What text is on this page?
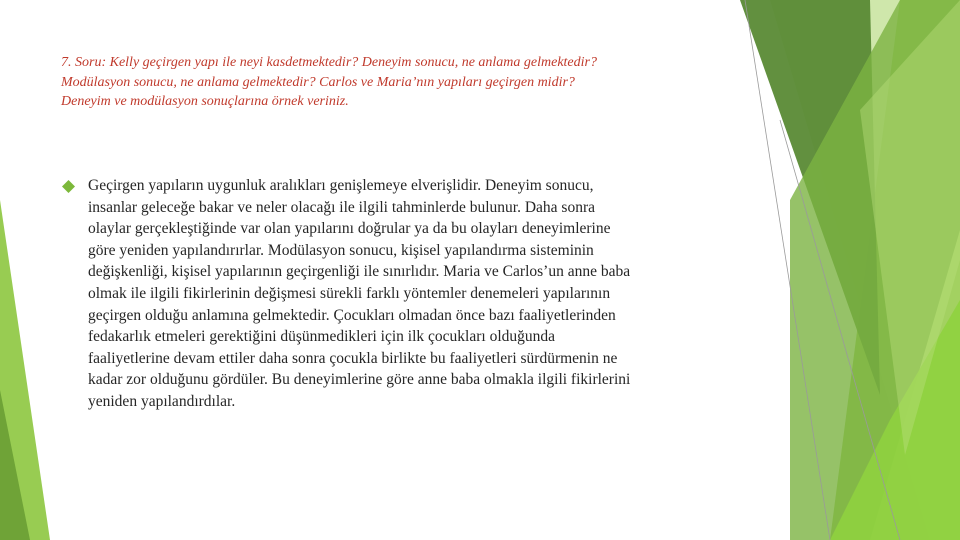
7. Soru: Kelly geçirgen yapı ile neyi kasdetmektedir? Deneyim sonucu, ne anlama gelmektedir?
Modülasyon sonucu, ne anlama gelmektedir? Carlos ve Maria’nın yapıları geçirgen midir?
Deneyim ve modülasyon sonuçlarına örnek veriniz.
Geçirgen yapıların uygunluk aralıkları genişlemeye elverişlidir. Deneyim sonucu,
insanlar geleceğe bakar ve neler olacağı ile ilgili tahminlerde bulunur. Daha sonra
olaylar gerçekleştiğinde var olan yapılarını doğrular ya da bu olayları deneyimlerine
göre yeniden yapılandırırlar. Modülasyon sonucu, kişisel yapılandırma sisteminin
değişkenliği, kişisel yapılarının geçirgenliği ile sınırlıdır. Maria ve Carlos’un anne baba
olmak ile ilgili fikirlerinin değişmesi sürekli farklı yöntemler denemeleri yapılarının
geçirgen olduğu anlamına gelmektedir. Çocukları olmadan önce bazı faaliyetlerinden
fedakarlık etmeleri gerektiğini düşünmedikleri için ilk çocukları olduğunda
faaliyetlerine devam ettiler daha sonra çocukla birlikte bu faaliyetleri sürdürmenin ne
kadar zor olduğunu gördüler. Bu deneyimlerine göre anne baba olmakla ilgili fikirlerini
yeniden yapılandırdılar.
